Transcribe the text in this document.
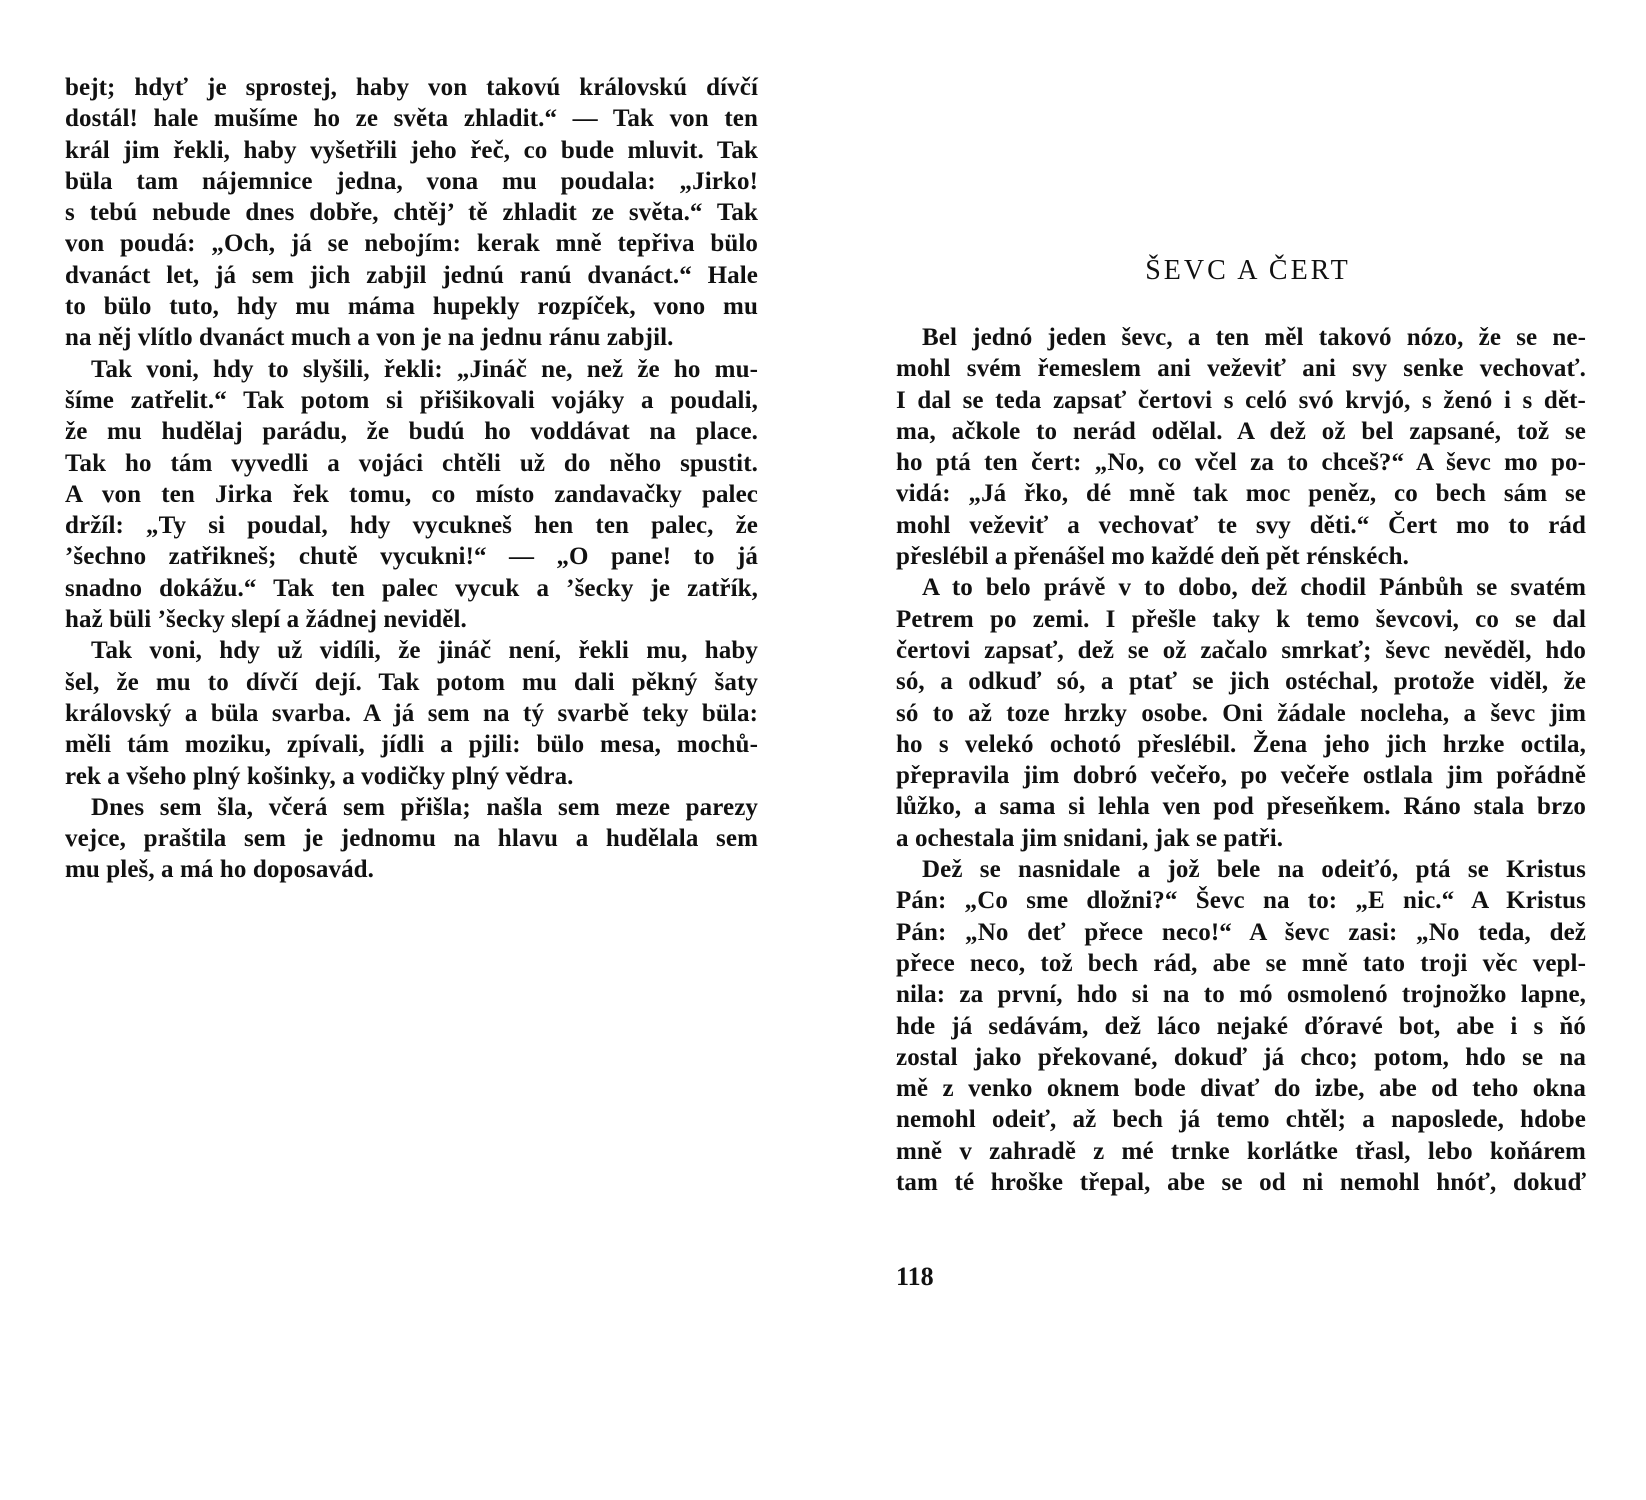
bejt; hdyť je sprostej, haby von takovú královskú dívčí
dostál! hale mušíme ho ze světa zhladit.“ — Tak von ten
král jim řekli, haby vyšetřili jeho řeč, co bude mluvit. Tak
büla tam nájemnice jedna, vona mu poudala: „Jirko!
s tebú nebude dnes dobře, chtěj’ tě zhladit ze světa.“ Tak
von poudá: „Och, já se nebojím: kerak mně tepřiva bülo
dvanáct let, já sem jich zabjil jednú ranú dvanáct.“ Hale
to bülo tuto, hdy mu máma hupekly rozpíček, vono mu
na něj vlítlo dvanáct much a von je na jednu ránu zabjil.
Tak voni, hdy to slyšili, řekli: „Jináč ne, než že ho mu-
šíme zatřelit.“ Tak potom si přišikovali vojáky a poudali,
že mu hudělaj parádu, že budú ho voddávat na place.
Tak ho tám vyvedli a vojáci chtěli už do něho spustit.
A von ten Jirka řek tomu, co místo zandavačky palec
držíl: „Ty si poudal, hdy vycukneš hen ten palec, že
’šechno zatřikneš; chutě vycukni!“ — „O pane! to já
snadno dokážu.“ Tak ten palec vycuk a ’šecky je zatřík,
haž büli ’šecky slepí a žádnej neviděl.
Tak voni, hdy už vidíli, že jináč není, řekli mu, haby
šel, že mu to dívčí dejí. Tak potom mu dali pěkný šaty
královský a büla svarba. A já sem na tý svarbě teky büla:
měli tám moziku, zpívali, jídli a pjili: bülo mesa, mochů-
rek a všeho plný košinky, a vodičky plný vědra.
Dnes sem šla, včerá sem přišla; našla sem meze parezy
vejce, praštila sem je jednomu na hlavu a hudělala sem
mu pleš, a má ho doposavád.
ŠEVC A ČERT
Bel jednó jeden ševc, a ten měl takovó nózo, že se ne-
mohl svém řemeslem ani veževiť ani svy senke vechovať.
I dal se teda zapsať čertovi s celó svó krvjó, s ženó i s dět-
ma, ačkole to nerád odělal. A dež ož bel zapsané, tož se
ho ptá ten čert: „No, co včel za to chceš?“ A ševc mo po-
vidá: „Já řko, dé mně tak moc peněz, co bech sám se
mohl veževiť a vechovať te svy děti.“ Čert mo to rád
přeslébil a přenášel mo každé deň pět rénskéch.
A to belo právě v to dobo, dež chodil Pánbůh se svatém
Petrem po zemi. I přešle taky k temo ševcovi, co se dal
čertovi zapsať, dež se ož začalo smrkať; ševc nevěděl, hdo
só, a odkuď só, a ptať se jich ostéchal, protože viděl, že
só to až toze hrzky osobe. Oni žádale nocleha, a ševc jim
ho s velekó ochotó přeslébil. Žena jeho jich hrzke octila,
přepravila jim dobró večeřo, po večeře ostlala jim pořádně
lůžko, a sama si lehla ven pod přeseňkem. Ráno stala brzo
a ochestala jim snidani, jak se patři.
Dež se nasnidale a jož bele na odeiťó, ptá se Kristus
Pán: „Co sme dložni?“ Ševc na to: „E nic.“ A Kristus
Pán: „No deť přece neco!“ A ševc zasi: „No teda, dež
přece neco, tož bech rád, abe se mně tato troji věc vepl-
nila: za první, hdo si na to mó osmolenó trojnožko lapne,
hde já sedávám, dež láco nejaké ďóravé bot, abe i s ňó
zostal jako překované, dokuď já chco; potom, hdo se na
mě z venko oknem bode divať do izbe, abe od teho okna
nemohl odeiť, až bech já temo chtěl; a naposlede, hdobe
mně v zahradě z mé trnke korlátke třasl, lebo koňárem
tam té hroške třepal, abe se od ni nemohl hnóť, dokuď
118
